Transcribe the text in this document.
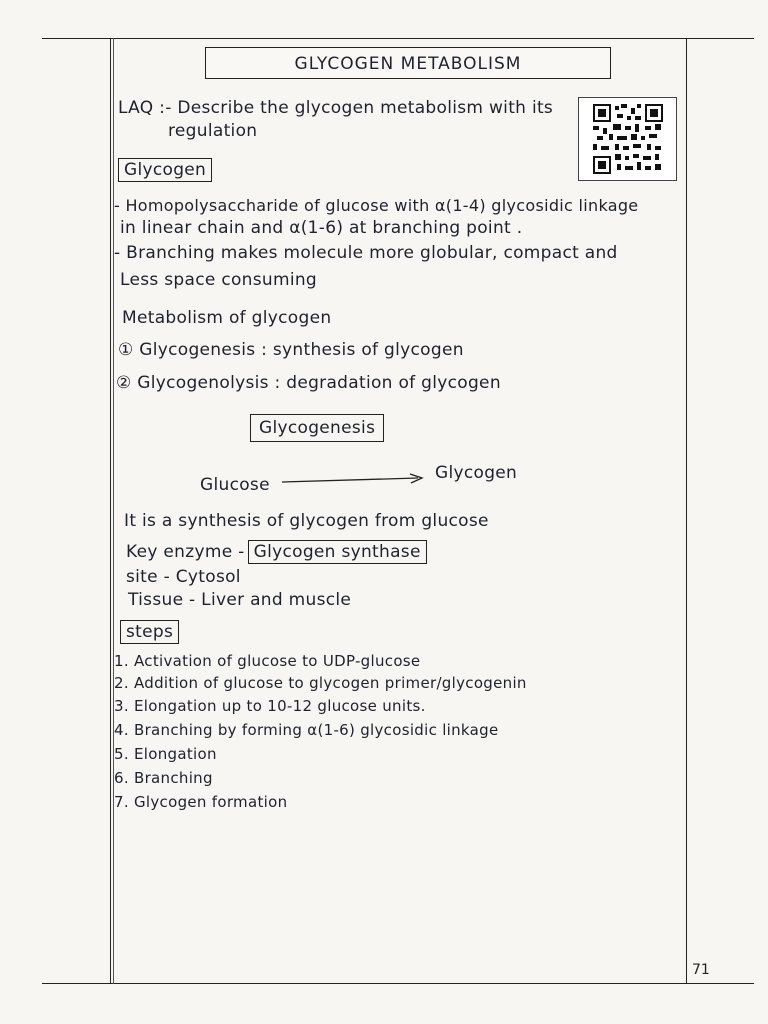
GLYCOGEN METABOLISM
LAQ :- Describe the glycogen metabolism with its
regulation
Glycogen
- Homopolysaccharide of glucose with α(1-4) glycosidic linkage
in linear chain and α(1-6) at branching point .
- Branching makes molecule more globular, compact and
Less space consuming
Metabolism of glycogen
① Glycogenesis : synthesis of glycogen
② Glycogenolysis : degradation of glycogen
Glycogenesis
Glucose
Glycogen
It is a synthesis of glycogen from glucose
Key enzyme - Glycogen synthase
site - Cytosol
Tissue - Liver and muscle
steps
1. Activation of glucose to UDP-glucose
2. Addition of glucose to glycogen primer/glycogenin
3. Elongation up to 10-12 glucose units.
4. Branching by forming α(1-6) glycosidic linkage
5. Elongation
6. Branching
7. Glycogen formation
71
